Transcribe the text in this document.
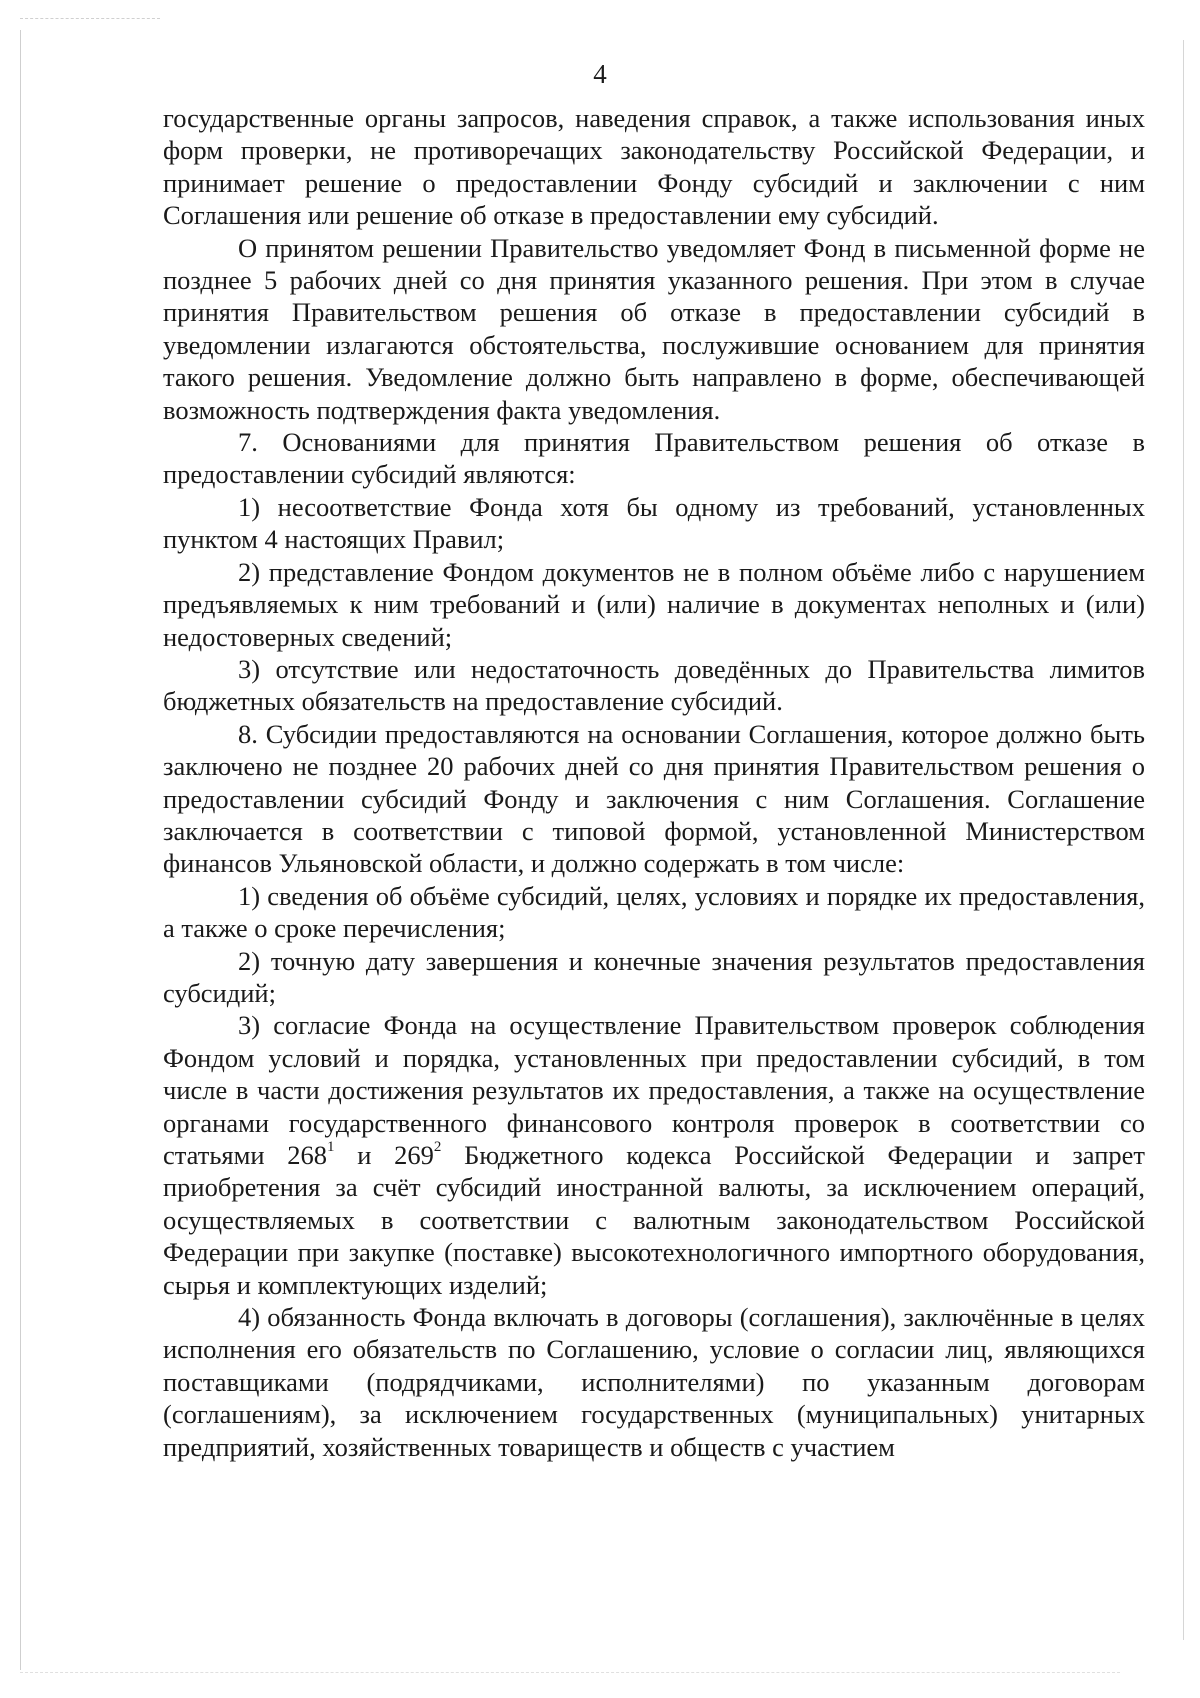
4

государственные органы запросов, наведения справок, а также использования иных форм проверки, не противоречащих законодательству Российской Федерации, и принимает решение о предоставлении Фонду субсидий и заключении с ним Соглашения или решение об отказе в предоставлении ему субсидий.

О принятом решении Правительство уведомляет Фонд в письменной форме не позднее 5 рабочих дней со дня принятия указанного решения. При этом в случае принятия Правительством решения об отказе в предоставлении субсидий в уведомлении излагаются обстоятельства, послужившие основанием для принятия такого решения. Уведомление должно быть направлено в форме, обеспечивающей возможность подтверждения факта уведомления.

7. Основаниями для принятия Правительством решения об отказе в предоставлении субсидий являются:

1) несоответствие Фонда хотя бы одному из требований, установленных пунктом 4 настоящих Правил;

2) представление Фондом документов не в полном объёме либо с нарушением предъявляемых к ним требований и (или) наличие в документах неполных и (или) недостоверных сведений;

3) отсутствие или недостаточность доведённых до Правительства лимитов бюджетных обязательств на предоставление субсидий.

8. Субсидии предоставляются на основании Соглашения, которое должно быть заключено не позднее 20 рабочих дней со дня принятия Правительством решения о предоставлении субсидий Фонду и заключения с ним Соглашения. Соглашение заключается в соответствии с типовой формой, установленной Министерством финансов Ульяновской области, и должно содержать в том числе:

1) сведения об объёме субсидий, целях, условиях и порядке их предоставления, а также о сроке перечисления;

2) точную дату завершения и конечные значения результатов предоставления субсидий;

3) согласие Фонда на осуществление Правительством проверок соблюдения Фондом условий и порядка, установленных при предоставлении субсидий, в том числе в части достижения результатов их предоставления, а также на осуществление органами государственного финансового контроля проверок в соответствии со статьями $268^1$ и $269^2$ Бюджетного кодекса Российской Федерации и запрет приобретения за счёт субсидий иностранной валюты, за исключением операций, осуществляемых в соответствии с валютным законодательством Российской Федерации при закупке (поставке) высокотехнологичного импортного оборудования, сырья и комплектующих изделий;

4) обязанность Фонда включать в договоры (соглашения), заключённые в целях исполнения его обязательств по Соглашению, условие о согласии лиц, являющихся поставщиками (подрядчиками, исполнителями) по указанным договорам (соглашениям), за исключением государственных (муниципальных) унитарных предприятий, хозяйственных товариществ и обществ с участием
